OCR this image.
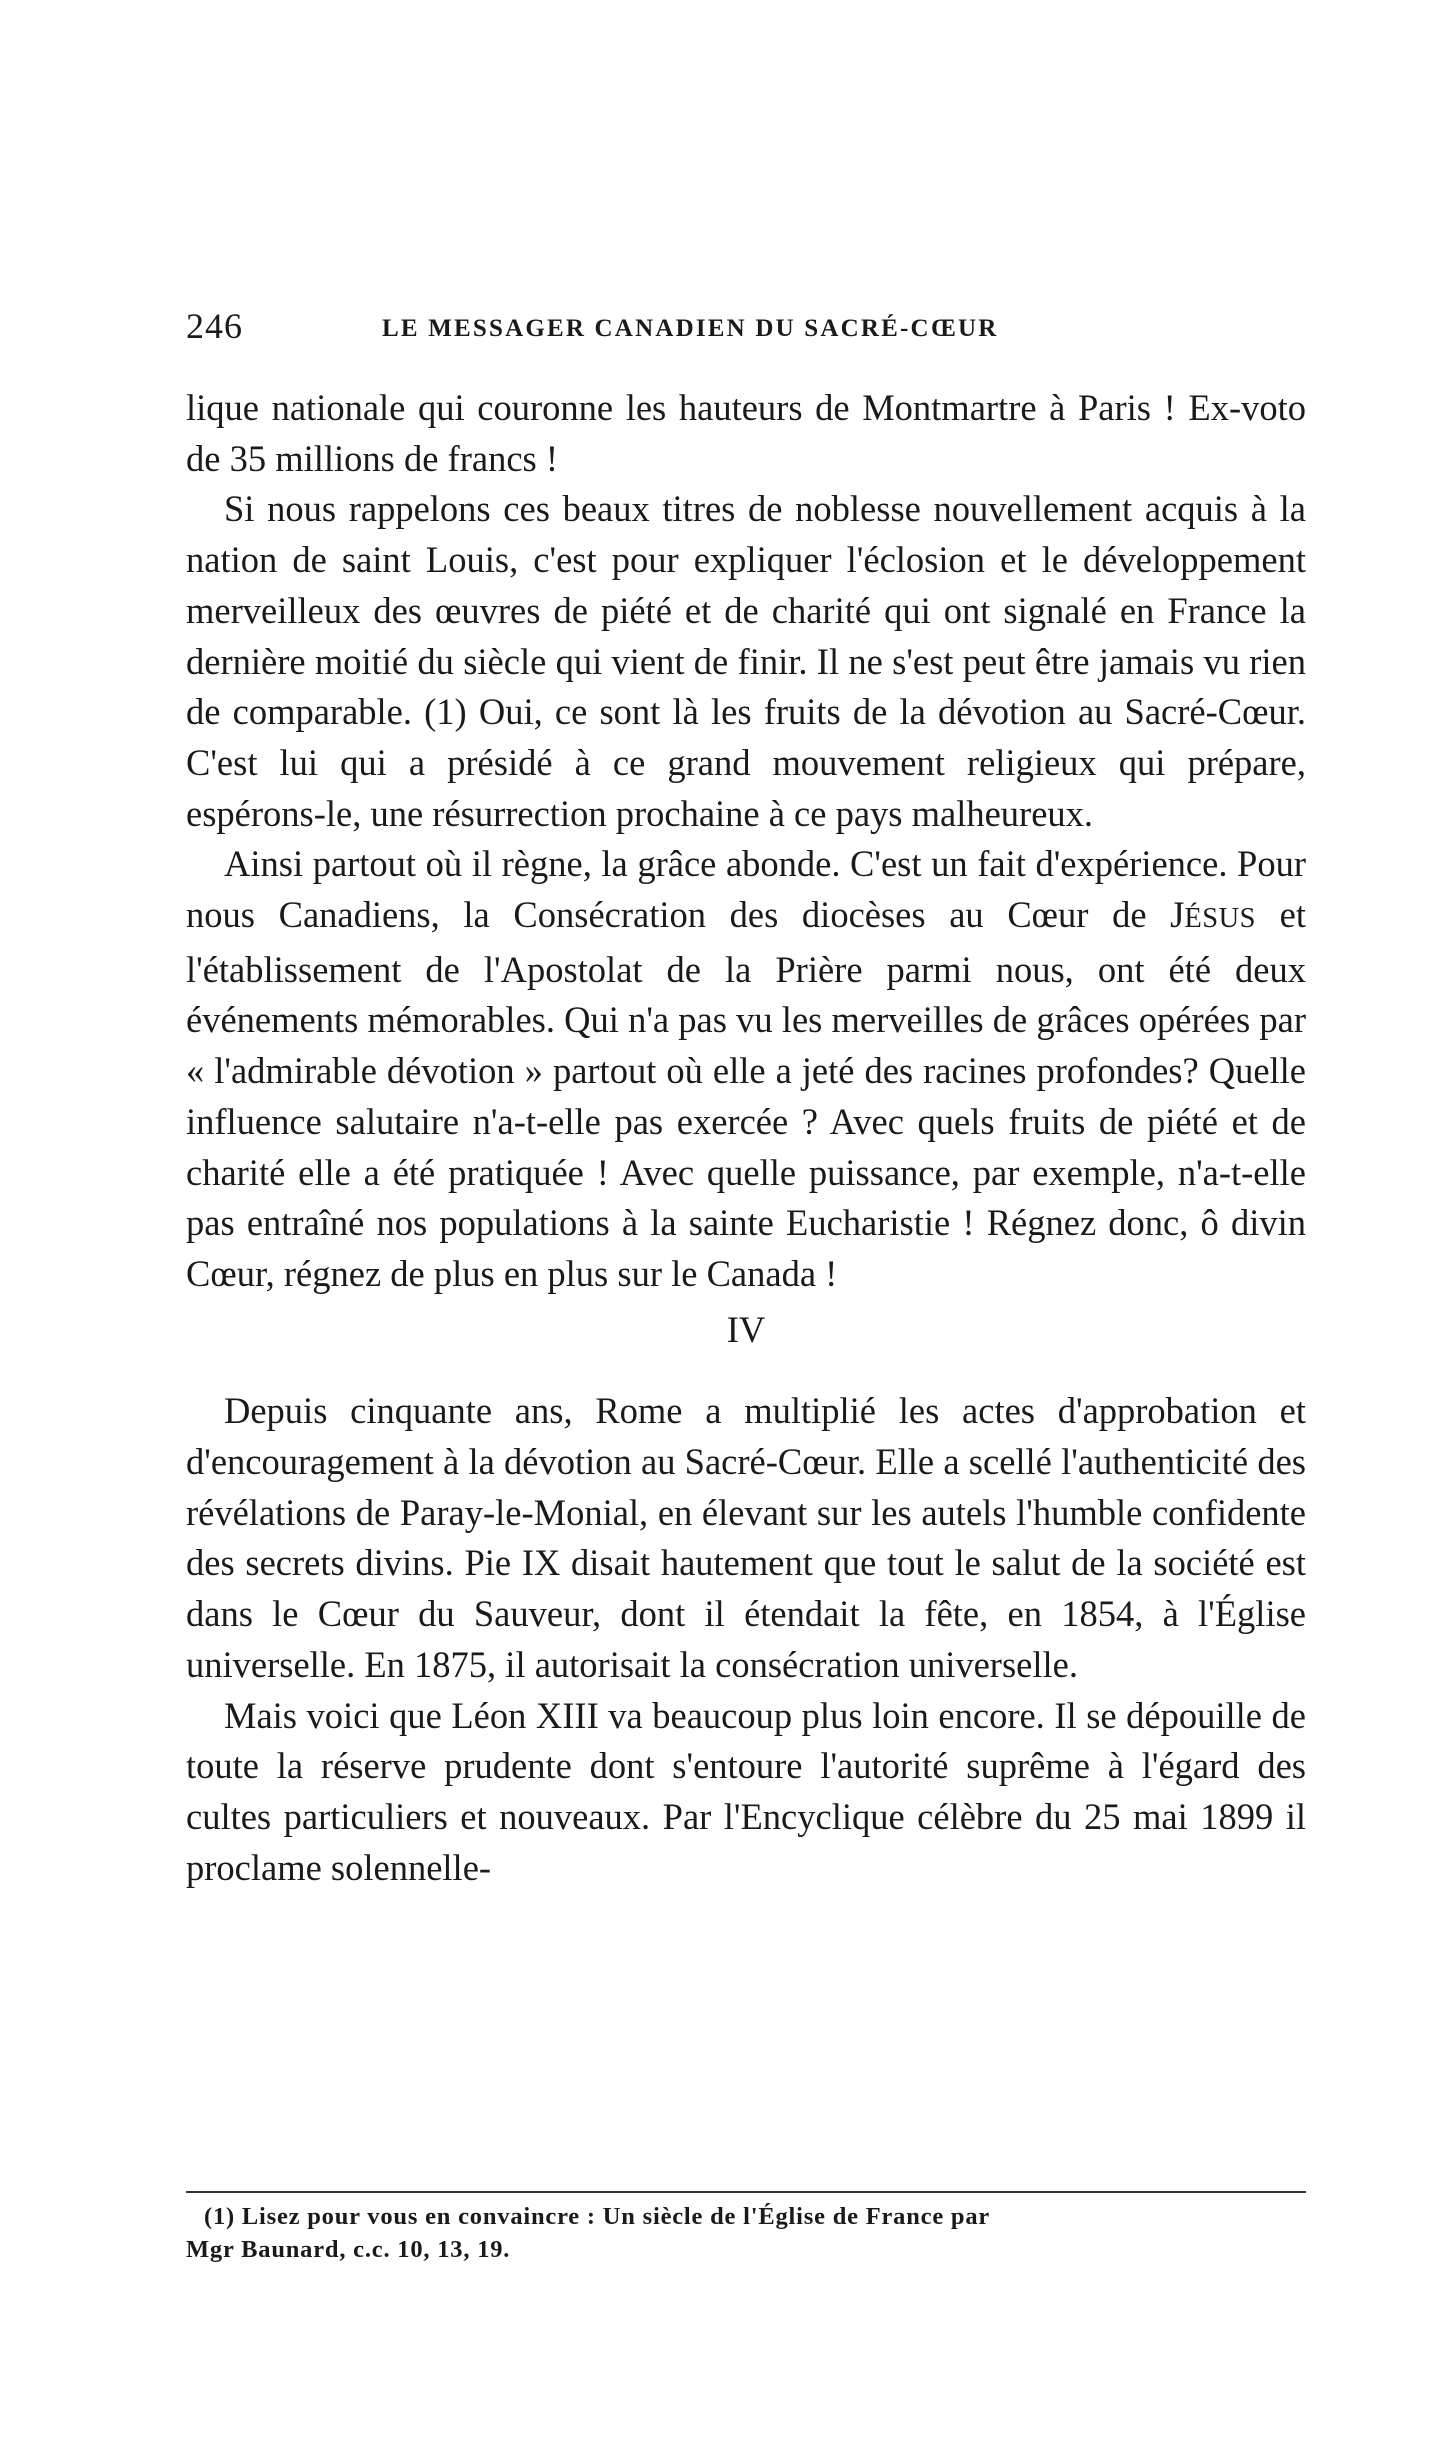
246	LE MESSAGER CANADIEN DU SACRÉ-CŒUR

lique nationale qui couronne les hauteurs de Montmartre à Paris ! Ex-voto de 35 millions de francs !

Si nous rappelons ces beaux titres de noblesse nouvellement acquis à la nation de saint Louis, c'est pour expliquer l'éclosion et le développement merveilleux des œuvres de piété et de charité qui ont signalé en France la dernière moitié du siècle qui vient de finir. Il ne s'est peut être jamais vu rien de comparable. (1) Oui, ce sont là les fruits de la dévotion au Sacré-Cœur. C'est lui qui a présidé à ce grand mouvement religieux qui prépare, espérons-le, une résurrection prochaine à ce pays malheureux.

Ainsi partout où il règne, la grâce abonde. C'est un fait d'expérience. Pour nous Canadiens, la Consécration des diocèses au Cœur de JÉSUS et l'établissement de l'Apostolat de la Prière parmi nous, ont été deux événements mémorables. Qui n'a pas vu les merveilles de grâces opérées par « l'admirable dévotion » partout où elle a jeté des racines profondes? Quelle influence salutaire n'a-t-elle pas exercée ? Avec quels fruits de piété et de charité elle a été pratiquée ! Avec quelle puissance, par exemple, n'a-t-elle pas entraîné nos populations à la sainte Eucharistie ! Régnez donc, ô divin Cœur, régnez de plus en plus sur le Canada !

IV

Depuis cinquante ans, Rome a multiplié les actes d'approbation et d'encouragement à la dévotion au Sacré-Cœur. Elle a scellé l'authenticité des révélations de Paray-le-Monial, en élevant sur les autels l'humble confidente des secrets divins. Pie IX disait hautement que tout le salut de la société est dans le Cœur du Sauveur, dont il étendait la fête, en 1854, à l'Église universelle. En 1875, il autorisait la consécration universelle.

Mais voici que Léon XIII va beaucoup plus loin encore. Il se dépouille de toute la réserve prudente dont s'entoure l'autorité suprême à l'égard des cultes particuliers et nouveaux. Par l'Encyclique célèbre du 25 mai 1899 il proclame solennelle-

(1) Lisez pour vous en convaincre : Un siècle de l'Église de France par

Mgr Baunard, c.c. 10, 13, 19.
